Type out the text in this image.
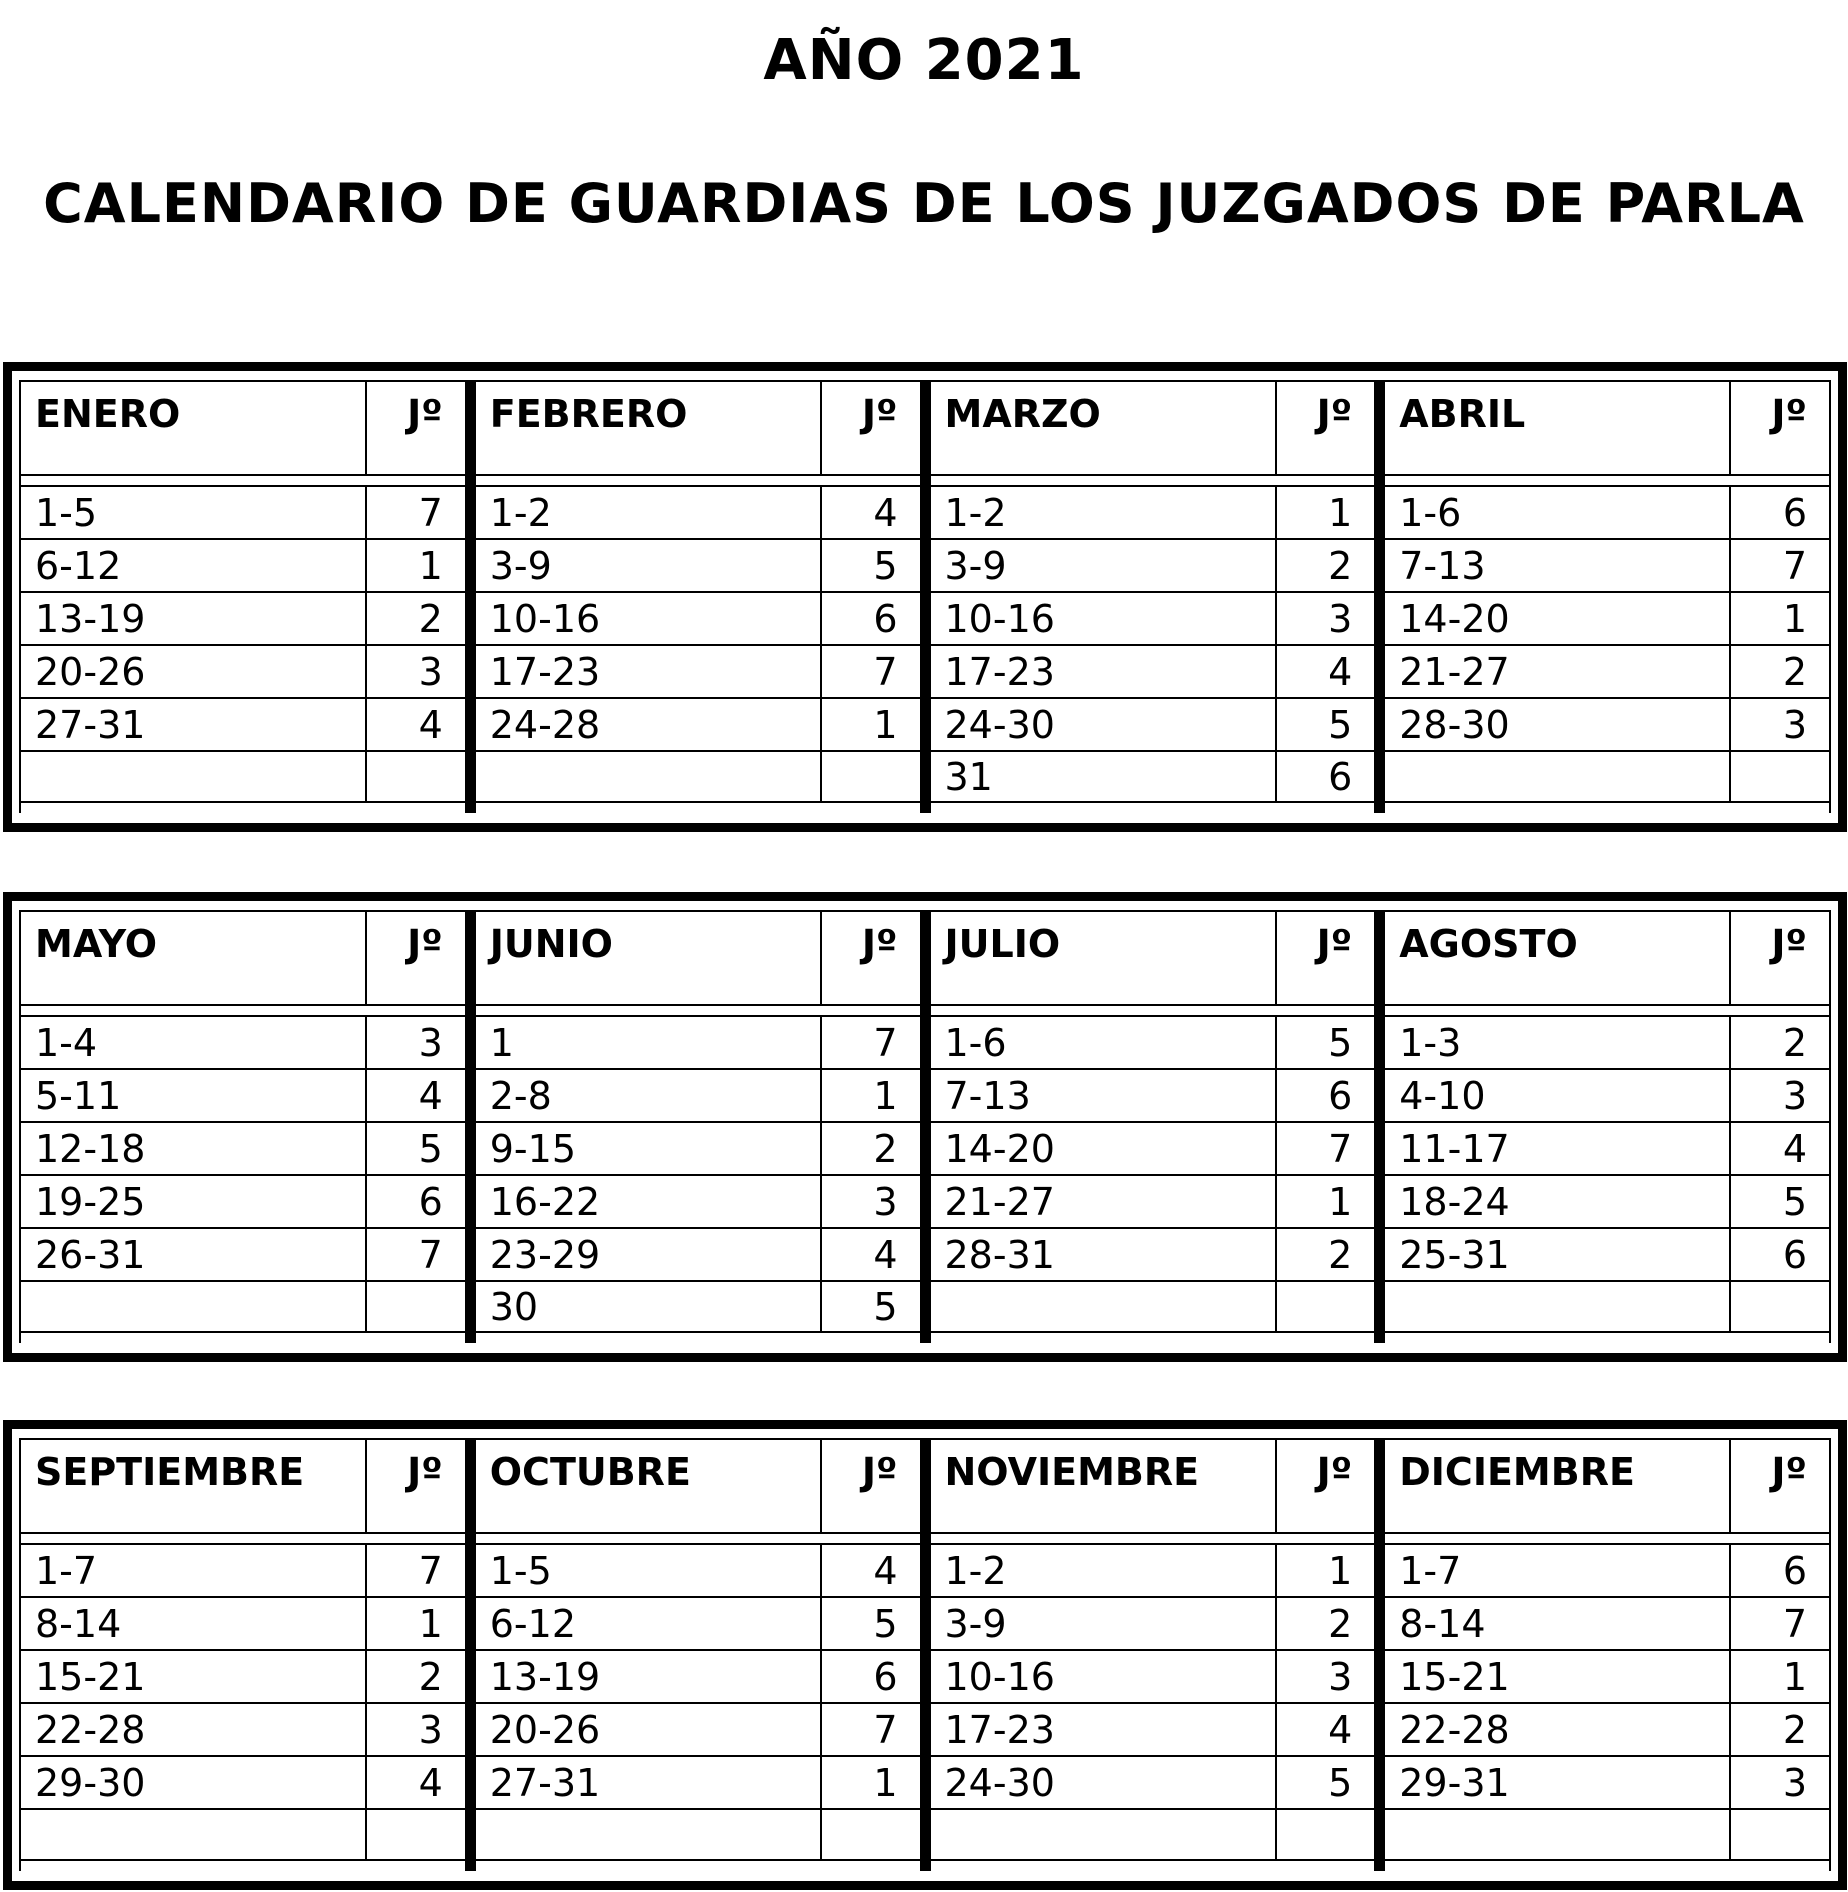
AÑO 2021
CALENDARIO DE GUARDIAS DE LOS JUZGADOS DE PARLA
ENERO	Jº
1-5	7
6-12	1
13-19	2
20-26	3
27-31	4
FEBRERO	Jº
1-2	4
3-9	5
10-16	6
17-23	7
24-28	1
MARZO	Jº
1-2	1
3-9	2
10-16	3
17-23	4
24-30	5
31	6
ABRIL	Jº
1-6	6
7-13	7
14-20	1
21-27	2
28-30	3
MAYO	Jº
1-4	3
5-11	4
12-18	5
19-25	6
26-31	7
JUNIO	Jº
1	7
2-8	1
9-15	2
16-22	3
23-29	4
30	5
JULIO	Jº
1-6	5
7-13	6
14-20	7
21-27	1
28-31	2
AGOSTO	Jº
1-3	2
4-10	3
11-17	4
18-24	5
25-31	6
SEPTIEMBRE	Jº
1-7	7
8-14	1
15-21	2
22-28	3
29-30	4
OCTUBRE	Jº
1-5	4
6-12	5
13-19	6
20-26	7
27-31	1
NOVIEMBRE	Jº
1-2	1
3-9	2
10-16	3
17-23	4
24-30	5
DICIEMBRE	Jº
1-7	6
8-14	7
15-21	1
22-28	2
29-31	3
